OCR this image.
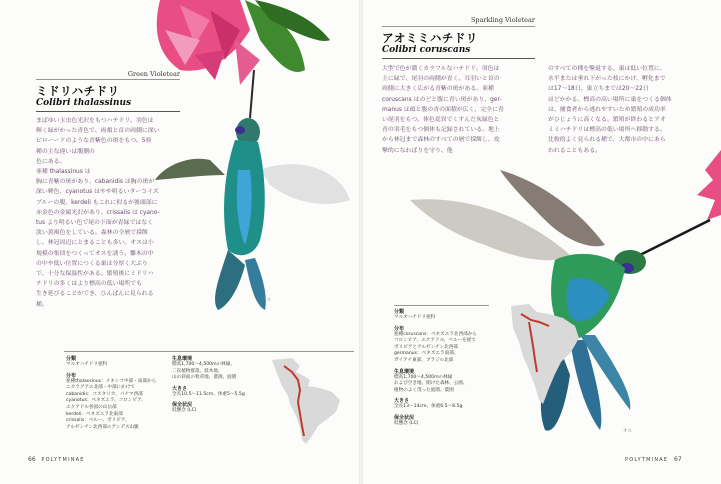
Green Violetear
ミドリハチドリ
Colibri thalassinus
まばゆい玉虫色光沢をもつハチドリ。羽色は
輝く緑がかった青色で、両頬と首の両側に深い
ピローードのような青紫色の斑をもつ。5亜
種の主な違いは腹側の
色にある。
亜種 thalassinus は
胸に青紫の斑があり、cabanidis は胸の斑が
深い軽色、cyanotus はやや明るいターコイズ
ブルーの腹、kerdeli もこれに似るが後頭部に
赤金色の金属光沢があり、crissalis は cyano-
tus より明るい色で尾の下面が青緑ではなく
淡い黄褐色をしている。森林の全層で採餌
し、林冠周辺にとまることも多い。オスは小
規模の集団をつくってオスを誘う。雛木の中
の中や低い位置につくる巣は分厚く大ぶり
で、十分な保温性がある。繁殖後にミドリハ
チドリの多くはより標高の低い場所でも
生き延びることができ、ひんぱんに見られる
種。
メス
分類
マルオハチドリ亜科
分布
亜種thalassinus：メキシコ中部・南部から
ニカラグアの北部・中部にかけて
cabanidis：コスタリカ、パナマ西部
cyanotus：ベネズエラ、コロンビア、
エクアドル各国の山岳部
kerdeli：ベネズエラ北東部
crissalis：ペルー、ボリビア、
アルゼンチン北西部のアンデス山脈
生息環境
標高1,700〜4,500mの林縁、
二次植物群落、低木地、
山の斜面の牧草地、農園、庭園
大きさ
全長10.5〜11.5cm、体重5〜5.5g
保全状況
低懸念 (LC)
66 POLYTMINAE
Sparkling Violetear
アオミミハチドリ
Colibri coruscans
大型で色が濃くカラフルなハチドリ。羽色は
主に緑で、尾羽の両側が青く、耳羽いと首の
両側に大きく広がる青紫の斑がある。亜種
coruscans はのどと腹に青い斑があり、ger-
manus は頭と腹の青の面積が広く、完全に青
い尾羽をもつ。体色変異でくすんだ灰緑色と
青の羽毛をもつ個体も記録されている。地上
から林冠まで森林のすべての層で採餌し、攻
撃的になわばりを守り、他
のすべての種を撃退する。巣は低い位置に、
水平または垂れ下がった枝にかけ、孵化まで
は17〜18日、巣立ちまでは20〜22日
ほどかかる。標高の高い場所に巣をつくる個体
は、捕食者から逃れやすいため繁殖の成功率
がひじょうに高くなる。繁殖が終わるとアオ
ミミハチドリは標高の低い場所へ移動する。
比較的よく見られる種で、大都市の中にあら
われることもある。
オス
分類
マルオハチドリ亜科
分布
亜種coruscans：ベネズエラ北西部から
コロンビア、エクアドル、ペルーを経て
ボリビアとアルゼンチン北西部
germanus：ベネズエラ南部、
ガイアナ東部、ブラジル北部
生息環境
標高1,700〜4,500mの林縁
および空き地、開けた森林、公園、
植物のよく茂った庭園、農園
大きさ
全長13〜14cm、体重6.5〜8.5g
保全状況
低懸念 (LC)
POLYTMINAE 67
